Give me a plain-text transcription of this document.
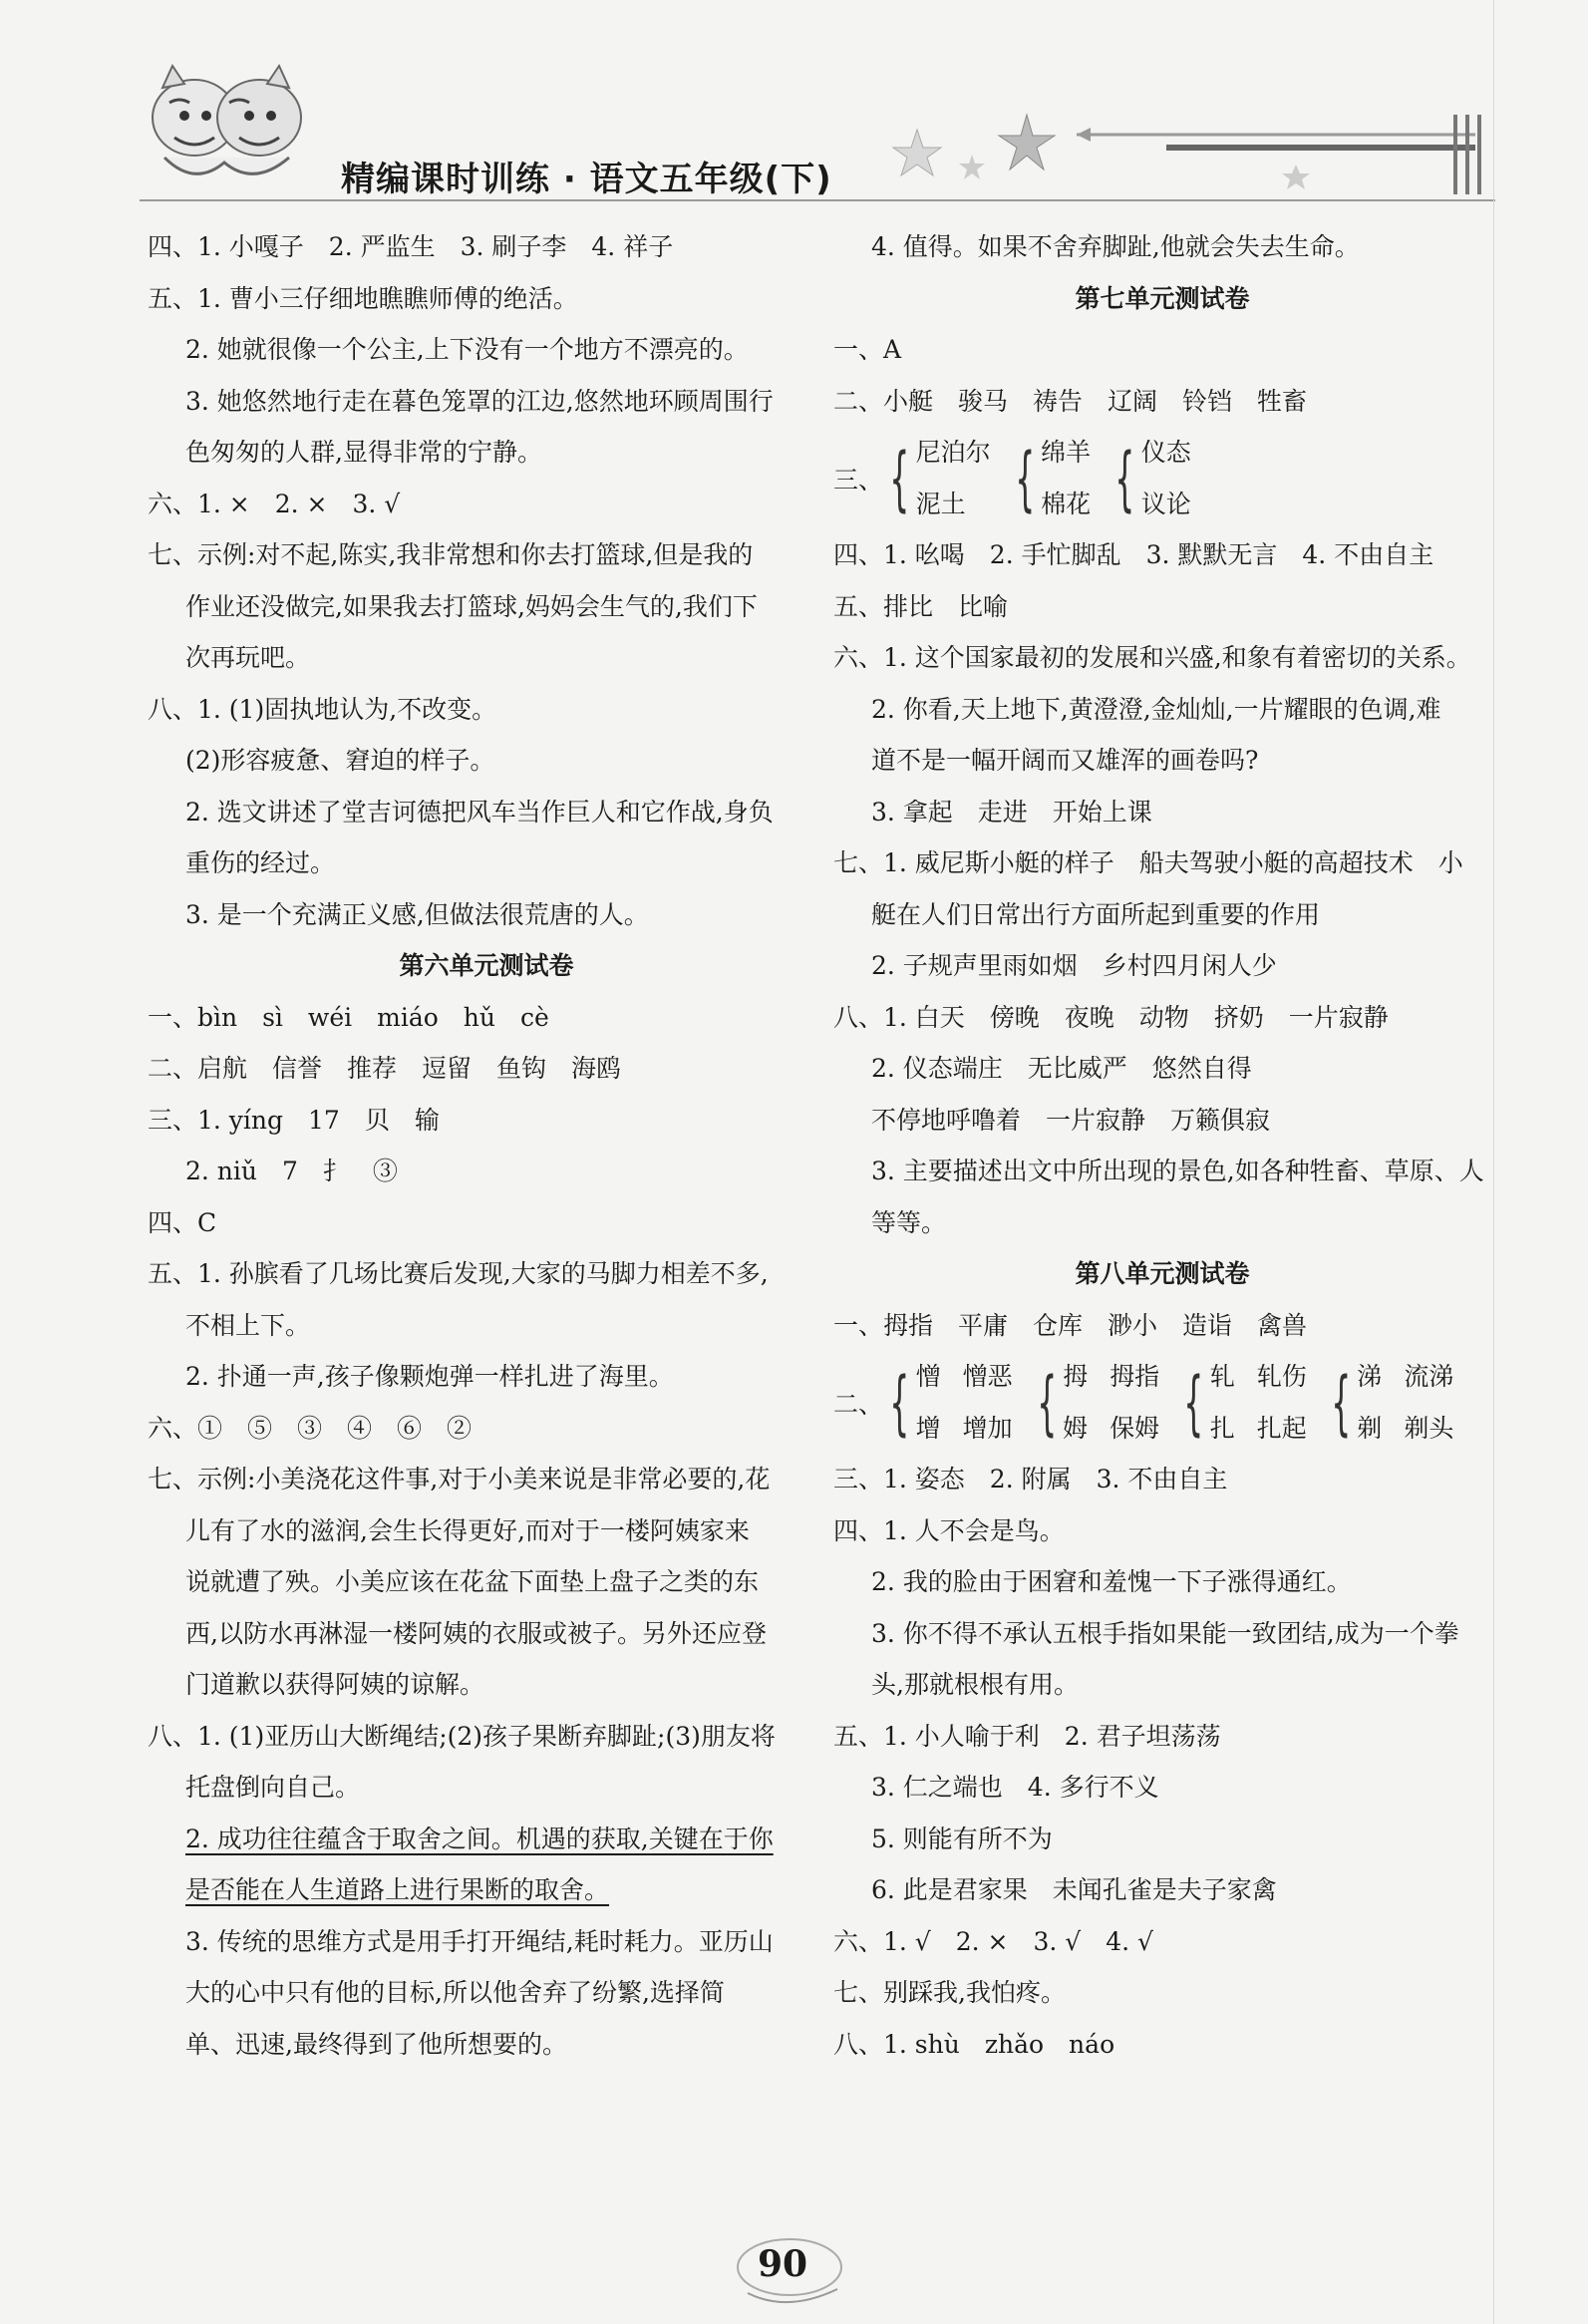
精编课时训练 · 语文五年级(下)
四、1. 小嘎子　2. 严监生　3. 刷子李　4. 祥子
五、1. 曹小三仔细地瞧瞧师傅的绝活。
2. 她就很像一个公主,上下没有一个地方不漂亮的。
3. 她悠然地行走在暮色笼罩的江边,悠然地环顾周围行
色匆匆的人群,显得非常的宁静。
六、1. ×　2. ×　3. √
七、示例:对不起,陈实,我非常想和你去打篮球,但是我的
作业还没做完,如果我去打篮球,妈妈会生气的,我们下
次再玩吧。
八、1. (1)固执地认为,不改变。
(2)形容疲惫、窘迫的样子。
2. 选文讲述了堂吉诃德把风车当作巨人和它作战,身负
重伤的经过。
3. 是一个充满正义感,但做法很荒唐的人。
第六单元测试卷
一、bìn　sì　wéi　miáo　hǔ　cè
二、启航　信誉　推荐　逗留　鱼钩　海鸥
三、1. yíng　17　贝　输
2. niǔ　7　扌　③
四、C
五、1. 孙膑看了几场比赛后发现,大家的马脚力相差不多,
不相上下。
2. 扑通一声,孩子像颗炮弹一样扎进了海里。
六、①　⑤　③　④　⑥　②
七、示例:小美浇花这件事,对于小美来说是非常必要的,花
儿有了水的滋润,会生长得更好,而对于一楼阿姨家来
说就遭了殃。小美应该在花盆下面垫上盘子之类的东
西,以防水再淋湿一楼阿姨的衣服或被子。另外还应登
门道歉以获得阿姨的谅解。
八、1. (1)亚历山大断绳结;(2)孩子果断弃脚趾;(3)朋友将
托盘倒向自己。
2. 成功往往蕴含于取舍之间。机遇的获取,关键在于你
是否能在人生道路上进行果断的取舍。
3. 传统的思维方式是用手打开绳结,耗时耗力。亚历山
大的心中只有他的目标,所以他舍弃了纷繁,选择简
单、迅速,最终得到了他所想要的。
4. 值得。如果不舍弃脚趾,他就会失去生命。
第七单元测试卷
一、A
二、小艇　骏马　祷告　辽阔　铃铛　牲畜
三、 { 尼泊尔
泥土 { 绵羊
棉花 { 仪态
议论
四、1. 吆喝　2. 手忙脚乱　3. 默默无言　4. 不由自主
五、排比　比喻
六、1. 这个国家最初的发展和兴盛,和象有着密切的关系。
2. 你看,天上地下,黄澄澄,金灿灿,一片耀眼的色调,难
道不是一幅开阔而又雄浑的画卷吗?
3. 拿起　走进　开始上课
七、1. 威尼斯小艇的样子　船夫驾驶小艇的高超技术　小
艇在人们日常出行方面所起到重要的作用
2. 子规声里雨如烟　乡村四月闲人少
八、1. 白天　傍晚　夜晚　动物　挤奶　一片寂静
2. 仪态端庄　无比威严　悠然自得
不停地呼噜着　一片寂静　万籁俱寂
3. 主要描述出文中所出现的景色,如各种牲畜、草原、人
等等。
第八单元测试卷
一、拇指　平庸　仓库　渺小　造诣　禽兽
二、 { 憎 憎恶
增 增加 { 拇 拇指
姆 保姆 { 轧 轧伤
扎 扎起 { 涕 流涕
剃 剃头
三、1. 姿态　2. 附属　3. 不由自主
四、1. 人不会是鸟。
2. 我的脸由于困窘和羞愧一下子涨得通红。
3. 你不得不承认五根手指如果能一致团结,成为一个拳
头,那就根根有用。
五、1. 小人喻于利　2. 君子坦荡荡
3. 仁之端也　4. 多行不义
5. 则能有所不为
6. 此是君家果　未闻孔雀是夫子家禽
六、1. √　2. ×　3. √　4. √
七、别踩我,我怕疼。
八、1. shù　zhǎo　náo
90
